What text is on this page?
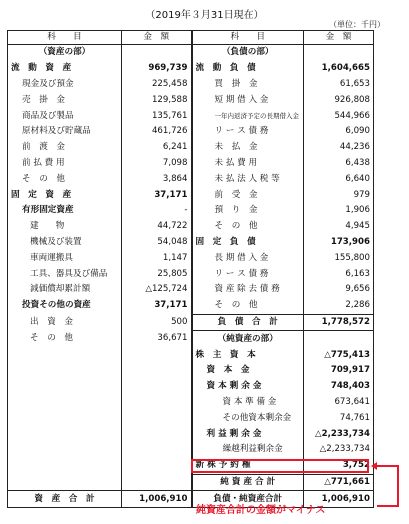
（2019年３月31日現在）
（単位：千円）
科　　目	金　額	科　　目	金　額
（資産の部）		（負債の部）	
流　動　資　産	969,739	流　動　負　債	1,604,665
現金及び預金	225,458	買　掛　金	61,653
売　掛　金	129,588	短 期 借 入 金	926,808
商品及び製品	135,761	一年内返済予定の長期借入金	544,966
原材料及び貯蔵品	461,726	リ ー ス 債 務	6,090
前　渡　金	6,241	未　払　金	44,236
前 払 費 用	7,098	未 払 費 用	6,438
そ　の　他	3,864	未 払 法 人 税 等	6,640
固　定　資　産	37,171	前　受　金	979
有形固定資産	-	預　り　金	1,906
建　　物	44,722	そ　の　他	4,945
機械及び装置	54,048	固　定　負　債	173,906
車両運搬具	1,147	長 期 借 入 金	155,800
工具、器具及び備品	25,805	リ ー ス 債 務	6,163
減価償却累計額	△125,724	資 産 除 去 債 務	9,656
投資その他の資産	37,171	そ　の　他	2,286
出　資　金	500	負　債　合　計	1,778,572
そ　の　他	36,671	（純資産の部）	
		株　主　資　本	△775,413
		資　本　金	709,917
		資 本 剰 余 金	748,403
		資 本 準 備 金	673,641
		その他資本剰余金	74,761
		利 益 剰 余 金	△2,233,734
		繰越利益剰余金	△2,233,734
		新 株 予 約 権	3,752
		純 資 産 合 計	△771,661
資　産　合　計	1,006,910	負債・純資産合計	1,006,910
純資産合計の金額がマイナス
